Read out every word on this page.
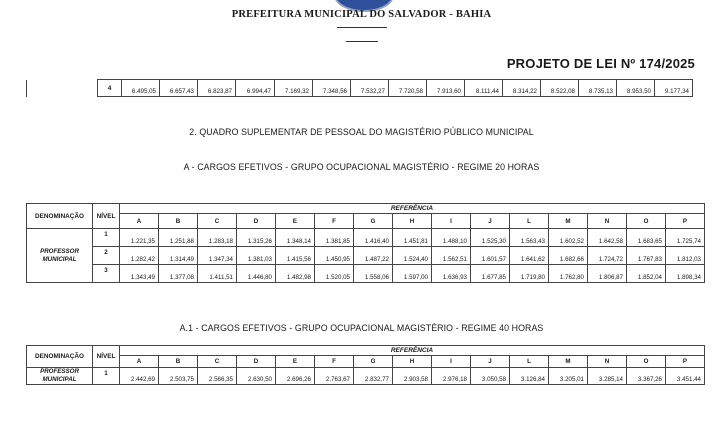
PREFEITURA MUNICIPAL DO SALVADOR - BAHIA
PROJETO DE LEI Nº 174/2025
	4	6.495,05	6.657,43	6.823,87	6.994,47	7.169,32	7.348,56	7.532,27	7.720,58	7.913,60	8.111,44	8.314,22	8.522,08	8.735,13	8.953,50	9.177,34
2. QUADRO SUPLEMENTAR DE PESSOAL DO MAGISTÉRIO PÚBLICO MUNICIPAL
A - CARGOS EFETIVOS - GRUPO OCUPACIONAL MAGISTÉRIO - REGIME 20 HORAS
DENOMINAÇÃO	NÍVEL	REFERÊNCIA														
		A	B	C	D	E	F	G	H	I	J	L	M	N	O	P
PROFESSOR MUNICIPAL	1	1.221,35	1.251,88	1.283,18	1.315,26	1.348,14	1.381,85	1.416,40	1.451,81	1.488,10	1.525,30	1.563,43	1.602,52	1.642,58	1.683,65	1.725,74
	2	1.282,42	1.314,49	1.347,34	1.381,03	1.415,56	1.450,95	1.487,22	1.524,40	1.562,51	1.601,57	1.641,62	1.682,66	1.724,72	1.767,83	1.812,03
	3	1.343,49	1.377,08	1.411,51	1.446,80	1.482,98	1.520,05	1.558,06	1.597,00	1.636,93	1.677,85	1.719,80	1.762,80	1.806,87	1.852,04	1.898,34
A.1 - CARGOS EFETIVOS - GRUPO OCUPACIONAL MAGISTÉRIO - REGIME 40 HORAS
DENOMINAÇÃO	NÍVEL	REFERÊNCIA														
		A	B	C	D	E	F	G	H	I	J	L	M	N	O	P
PROFESSOR MUNICIPAL	1	2.442,69	2.503,75	2.566,35	2.630,50	2.696,26	2.763,67	2.832,77	2.903,58	2.976,18	3.050,58	3.126,84	3.205,01	3.285,14	3.367,26	3.451,44
